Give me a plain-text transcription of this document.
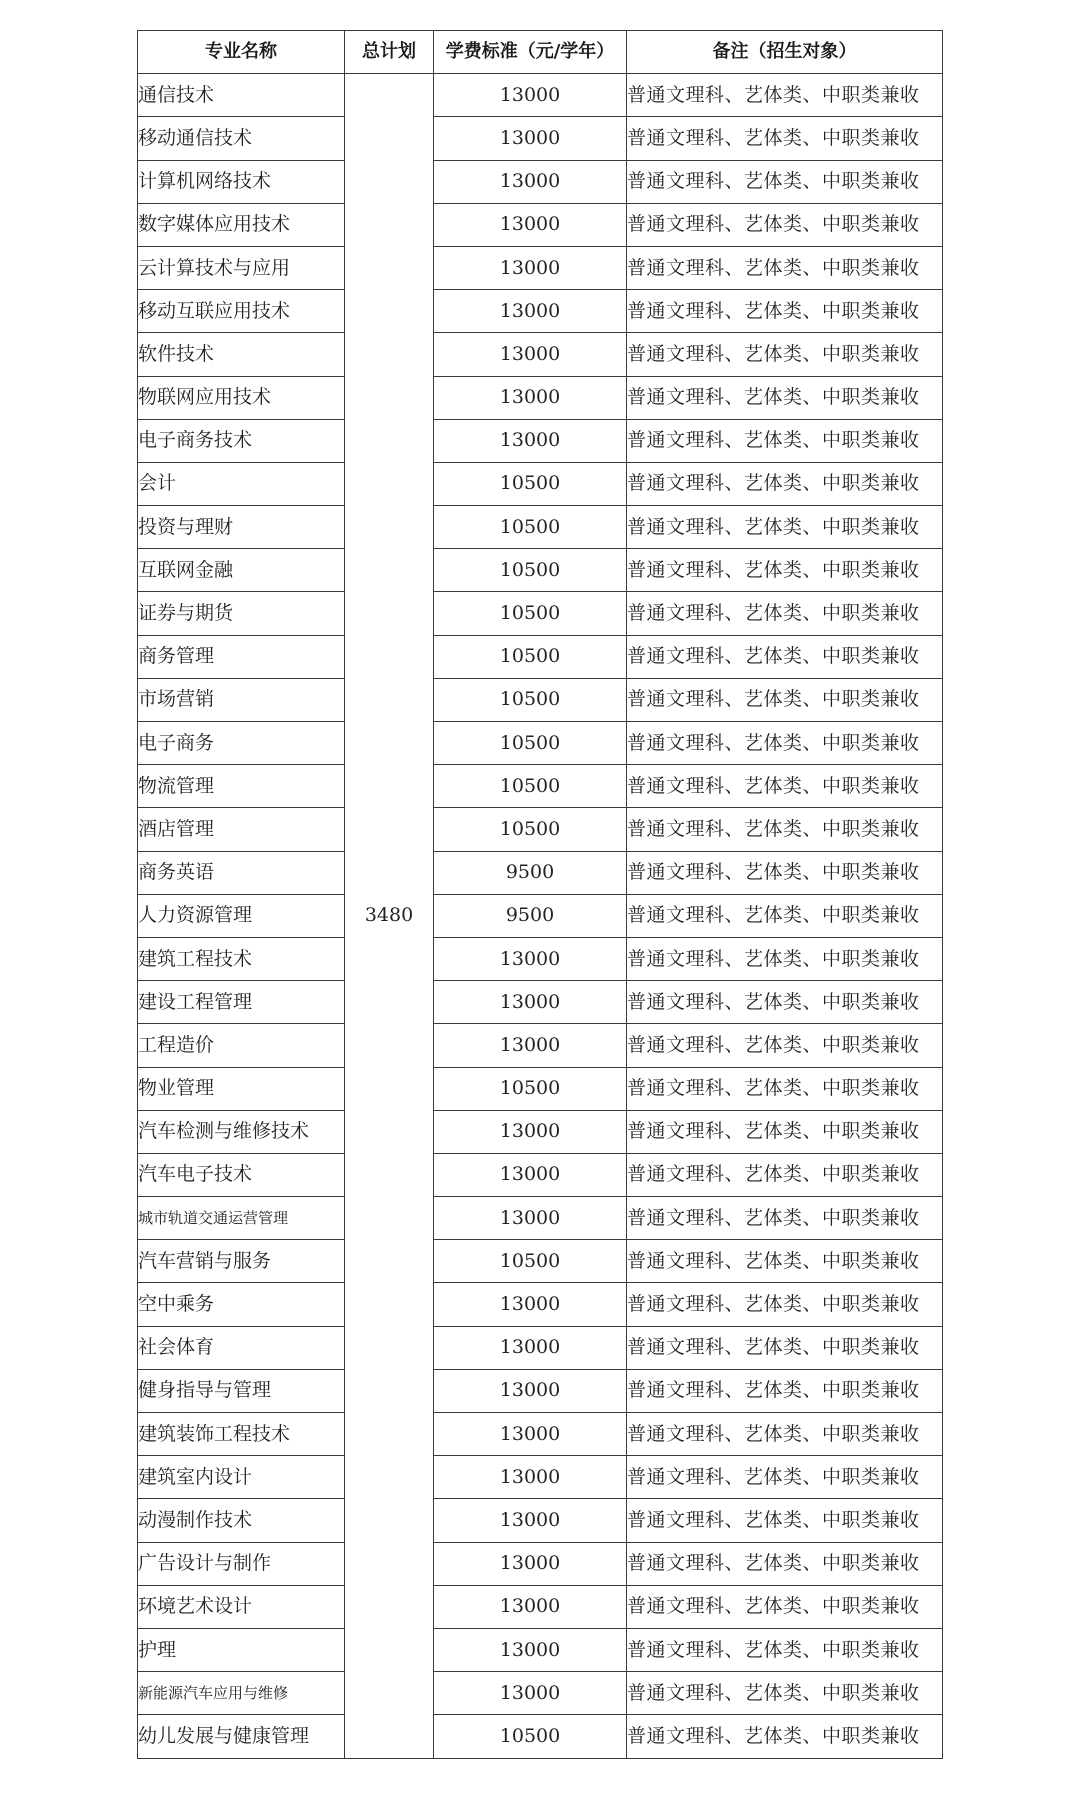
专业名称	总计划	学费标准（元/学年）	备注（招生对象）
通信技术	3480	13000	普通文理科、艺体类、中职类兼收
移动通信技术		13000	普通文理科、艺体类、中职类兼收
计算机网络技术		13000	普通文理科、艺体类、中职类兼收
数字媒体应用技术		13000	普通文理科、艺体类、中职类兼收
云计算技术与应用		13000	普通文理科、艺体类、中职类兼收
移动互联应用技术		13000	普通文理科、艺体类、中职类兼收
软件技术		13000	普通文理科、艺体类、中职类兼收
物联网应用技术		13000	普通文理科、艺体类、中职类兼收
电子商务技术		13000	普通文理科、艺体类、中职类兼收
会计		10500	普通文理科、艺体类、中职类兼收
投资与理财		10500	普通文理科、艺体类、中职类兼收
互联网金融		10500	普通文理科、艺体类、中职类兼收
证券与期货		10500	普通文理科、艺体类、中职类兼收
商务管理		10500	普通文理科、艺体类、中职类兼收
市场营销		10500	普通文理科、艺体类、中职类兼收
电子商务		10500	普通文理科、艺体类、中职类兼收
物流管理		10500	普通文理科、艺体类、中职类兼收
酒店管理		10500	普通文理科、艺体类、中职类兼收
商务英语		9500	普通文理科、艺体类、中职类兼收
人力资源管理		9500	普通文理科、艺体类、中职类兼收
建筑工程技术		13000	普通文理科、艺体类、中职类兼收
建设工程管理		13000	普通文理科、艺体类、中职类兼收
工程造价		13000	普通文理科、艺体类、中职类兼收
物业管理		10500	普通文理科、艺体类、中职类兼收
汽车检测与维修技术		13000	普通文理科、艺体类、中职类兼收
汽车电子技术		13000	普通文理科、艺体类、中职类兼收
城市轨道交通运营管理		13000	普通文理科、艺体类、中职类兼收
汽车营销与服务		10500	普通文理科、艺体类、中职类兼收
空中乘务		13000	普通文理科、艺体类、中职类兼收
社会体育		13000	普通文理科、艺体类、中职类兼收
健身指导与管理		13000	普通文理科、艺体类、中职类兼收
建筑装饰工程技术		13000	普通文理科、艺体类、中职类兼收
建筑室内设计		13000	普通文理科、艺体类、中职类兼收
动漫制作技术		13000	普通文理科、艺体类、中职类兼收
广告设计与制作		13000	普通文理科、艺体类、中职类兼收
环境艺术设计		13000	普通文理科、艺体类、中职类兼收
护理		13000	普通文理科、艺体类、中职类兼收
新能源汽车应用与维修		13000	普通文理科、艺体类、中职类兼收
幼儿发展与健康管理		10500	普通文理科、艺体类、中职类兼收
